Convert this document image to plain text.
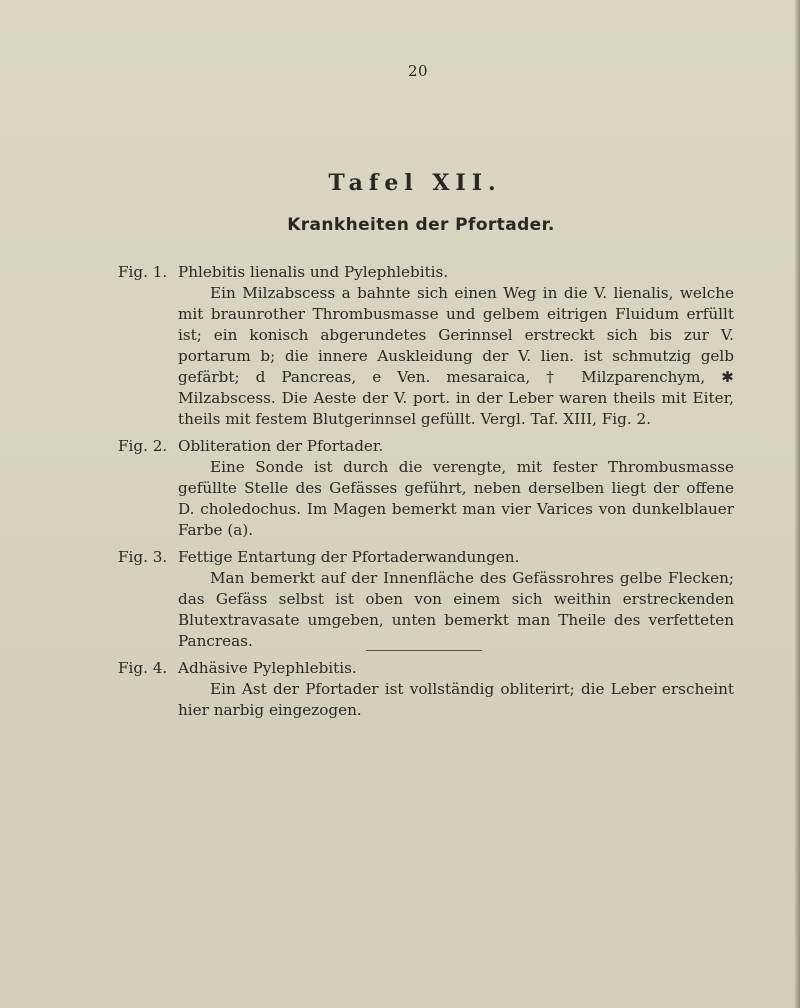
20
Tafel XII.
Krankheiten der Pfortader.
Fig. 1. Phlebitis lienalis und Pylephlebitis.

Ein Milzabscess a bahnte sich einen Weg in die V. lienalis, welche mit braunrother Thrombusmasse und gelbem eitrigen Fluidum erfüllt ist; ein konisch abgerundetes Gerinnsel erstreckt sich bis zur V. portarum b; die innere Auskleidung der V. lien. ist schmutzig gelb gefärbt; d Pancreas, e Ven. mesaraica, † Milzparenchym, ✱ Milzabscess. Die Aeste der V. port. in der Leber waren theils mit Eiter, theils mit festem Blutgerinnsel gefüllt. Vergl. Taf. XIII, Fig. 2.

Fig. 2. Obliteration der Pfortader.

Eine Sonde ist durch die verengte, mit fester Thrombusmasse gefüllte Stelle des Gefässes geführt, neben derselben liegt der offene D. choledochus. Im Magen bemerkt man vier Varices von dunkelblauer Farbe (a).

Fig. 3. Fettige Entartung der Pfortaderwandungen.

Man bemerkt auf der Innenfläche des Gefässrohres gelbe Flecken; das Gefäss selbst ist oben von einem sich weithin erstreckenden Blutextravasate umgeben, unten bemerkt man Theile des verfetteten Pancreas.

Fig. 4. Adhäsive Pylephlebitis.

Ein Ast der Pfortader ist vollständig obliterirt; die Leber erscheint hier narbig eingezogen.
